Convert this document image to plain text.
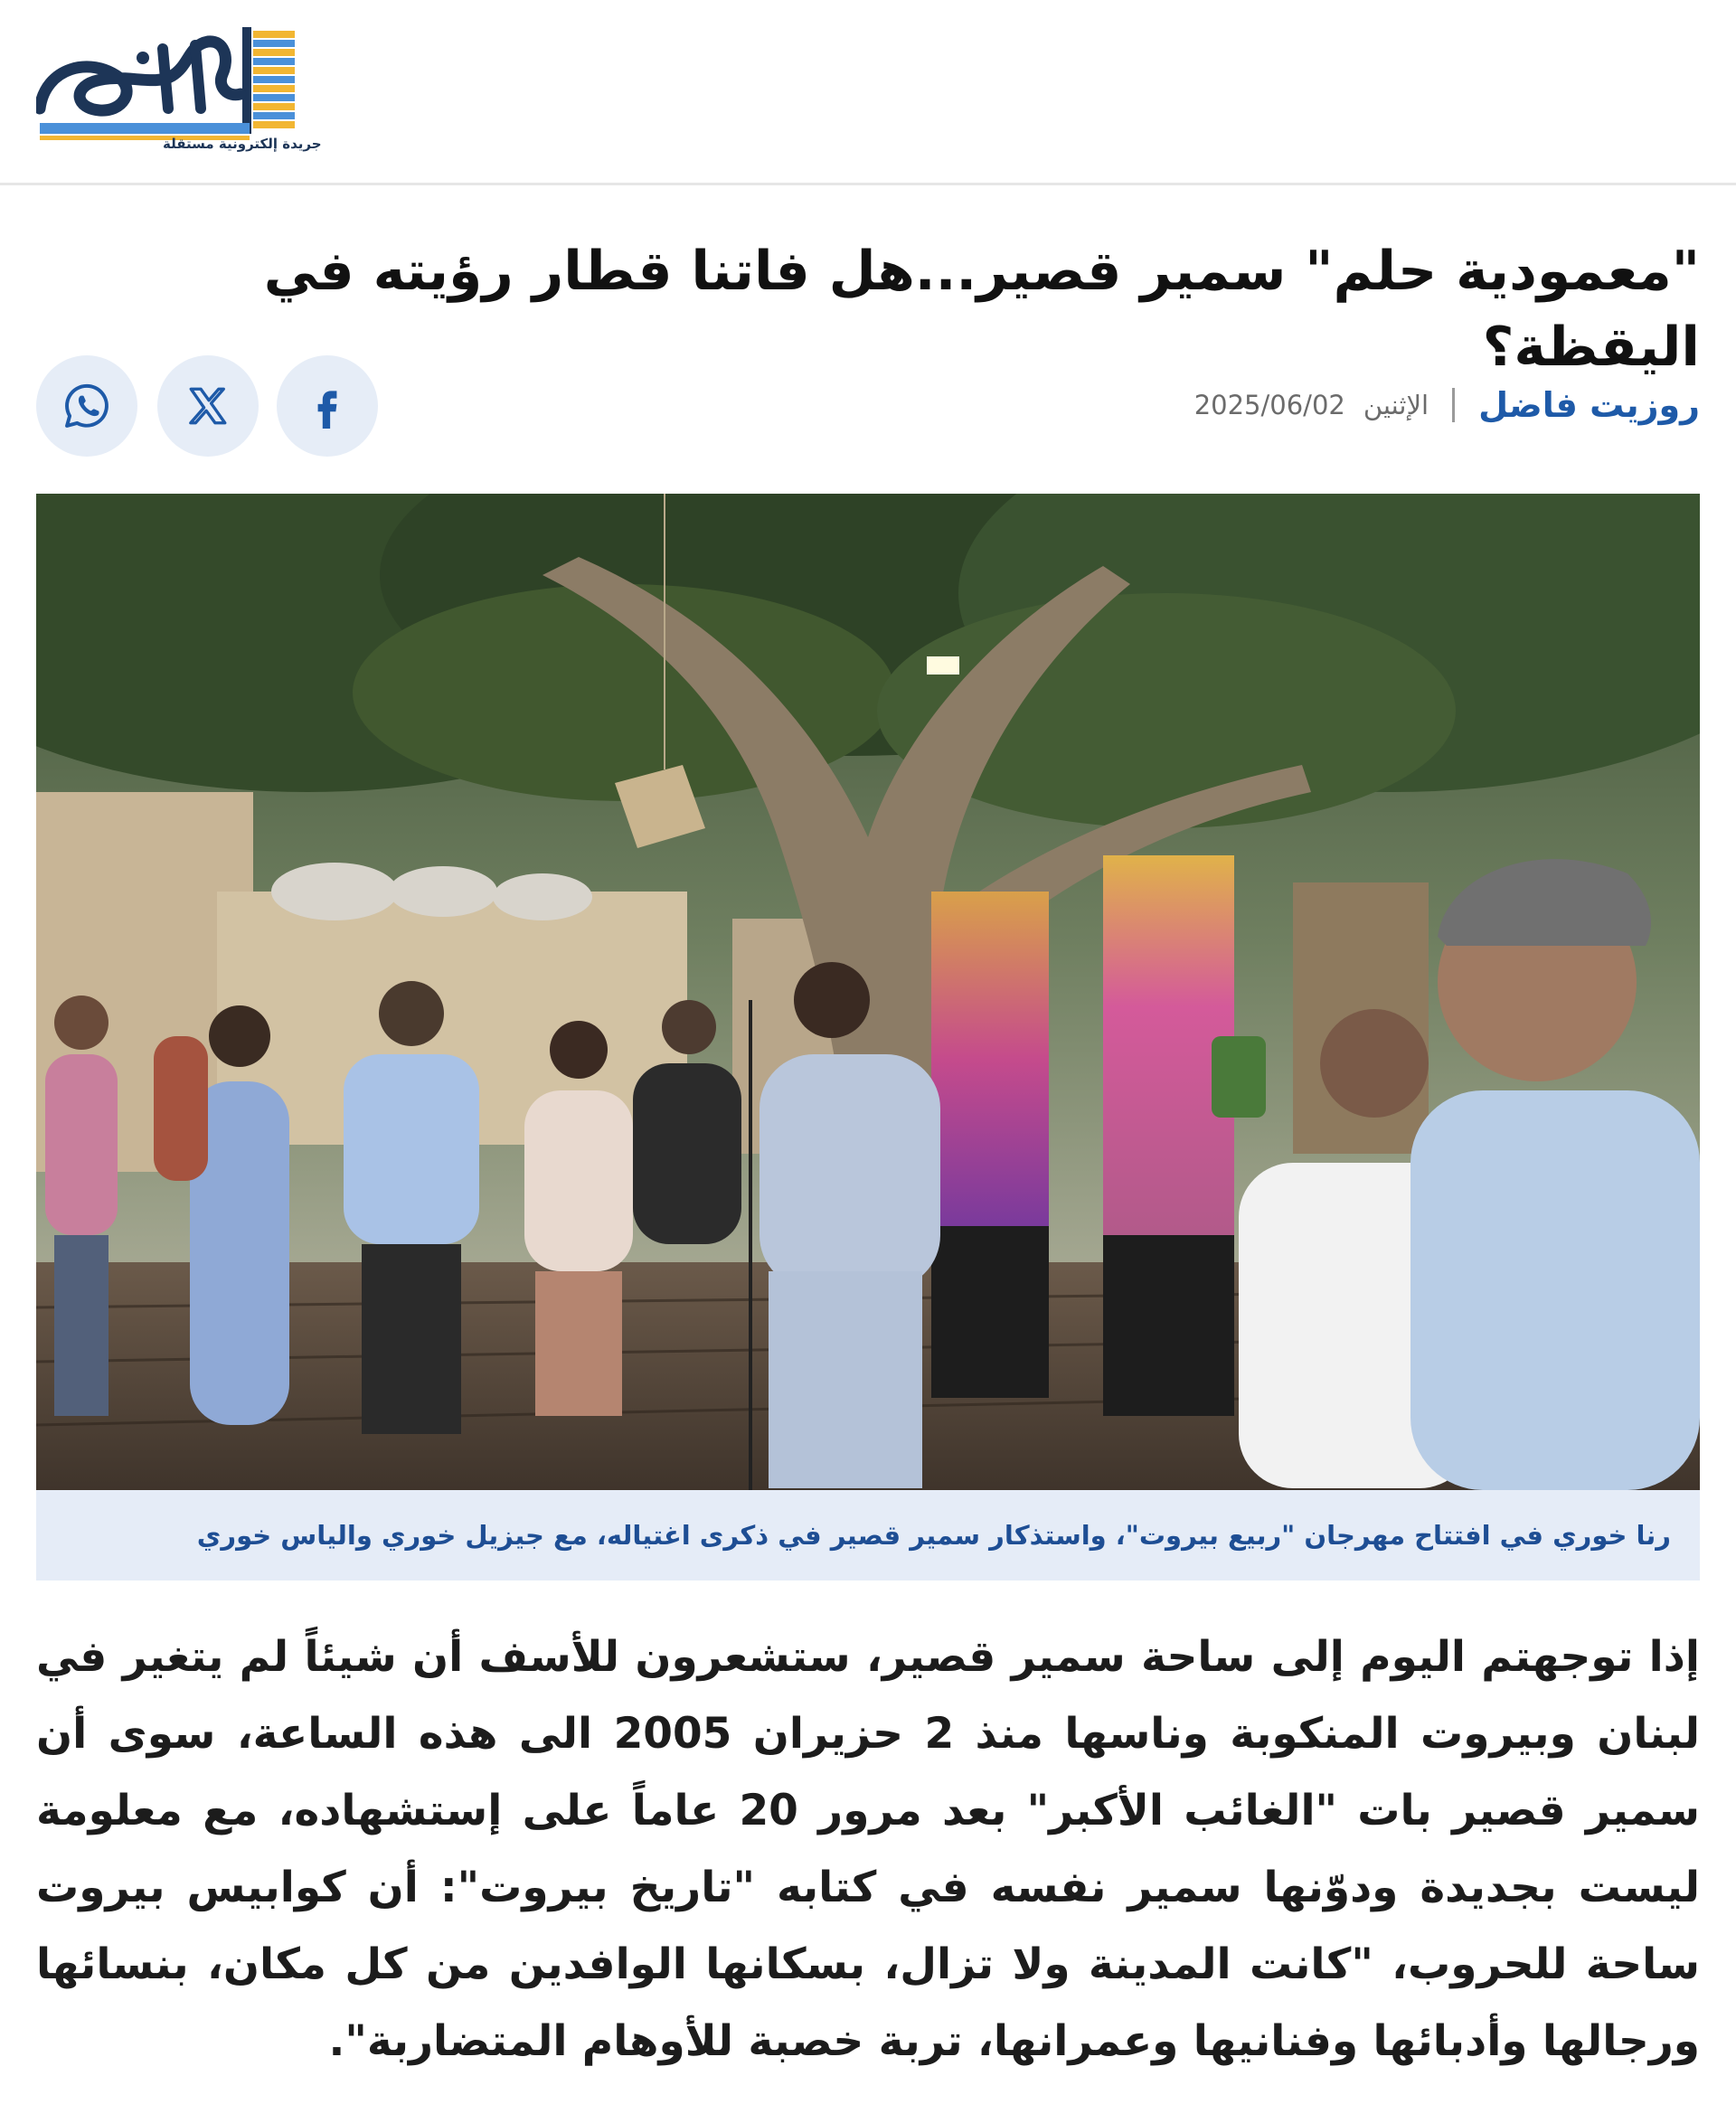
جريدة إلكترونية مستقلة
"معمودية حلم" سمير قصير...هل فاتنا قطار رؤيته في اليقظة؟
روزيت فاضل
الإثنين
2025/06/02
رنا خوري في افتتاح مهرجان "ربيع بيروت"، واستذكار سمير قصير في ذكرى اغتياله، مع جيزيل خوري والياس خوري

إذا توجهتم اليوم إلى ساحة سمير قصير، ستشعرون للأسف أن شيئاً لم يتغير في لبنان وبيروت المنكوبة وناسها منذ 2 حزيران 2005 الى هذه الساعة، سوى أن سمير قصير بات "الغائب الأكبر" بعد مرور 20 عاماً على إستشهاده، مع معلومة ليست بجديدة ودوّنها سمير نفسه في كتابه "تاريخ بيروت": أن كوابيس بيروت ساحة للحروب، "كانت المدينة ولا تزال، بسكانها الوافدين من كل مكان، بنسائها ورجالها وأدبائها وفنانيها وعمرانها، تربة خصبة للأوهام المتضاربة".
